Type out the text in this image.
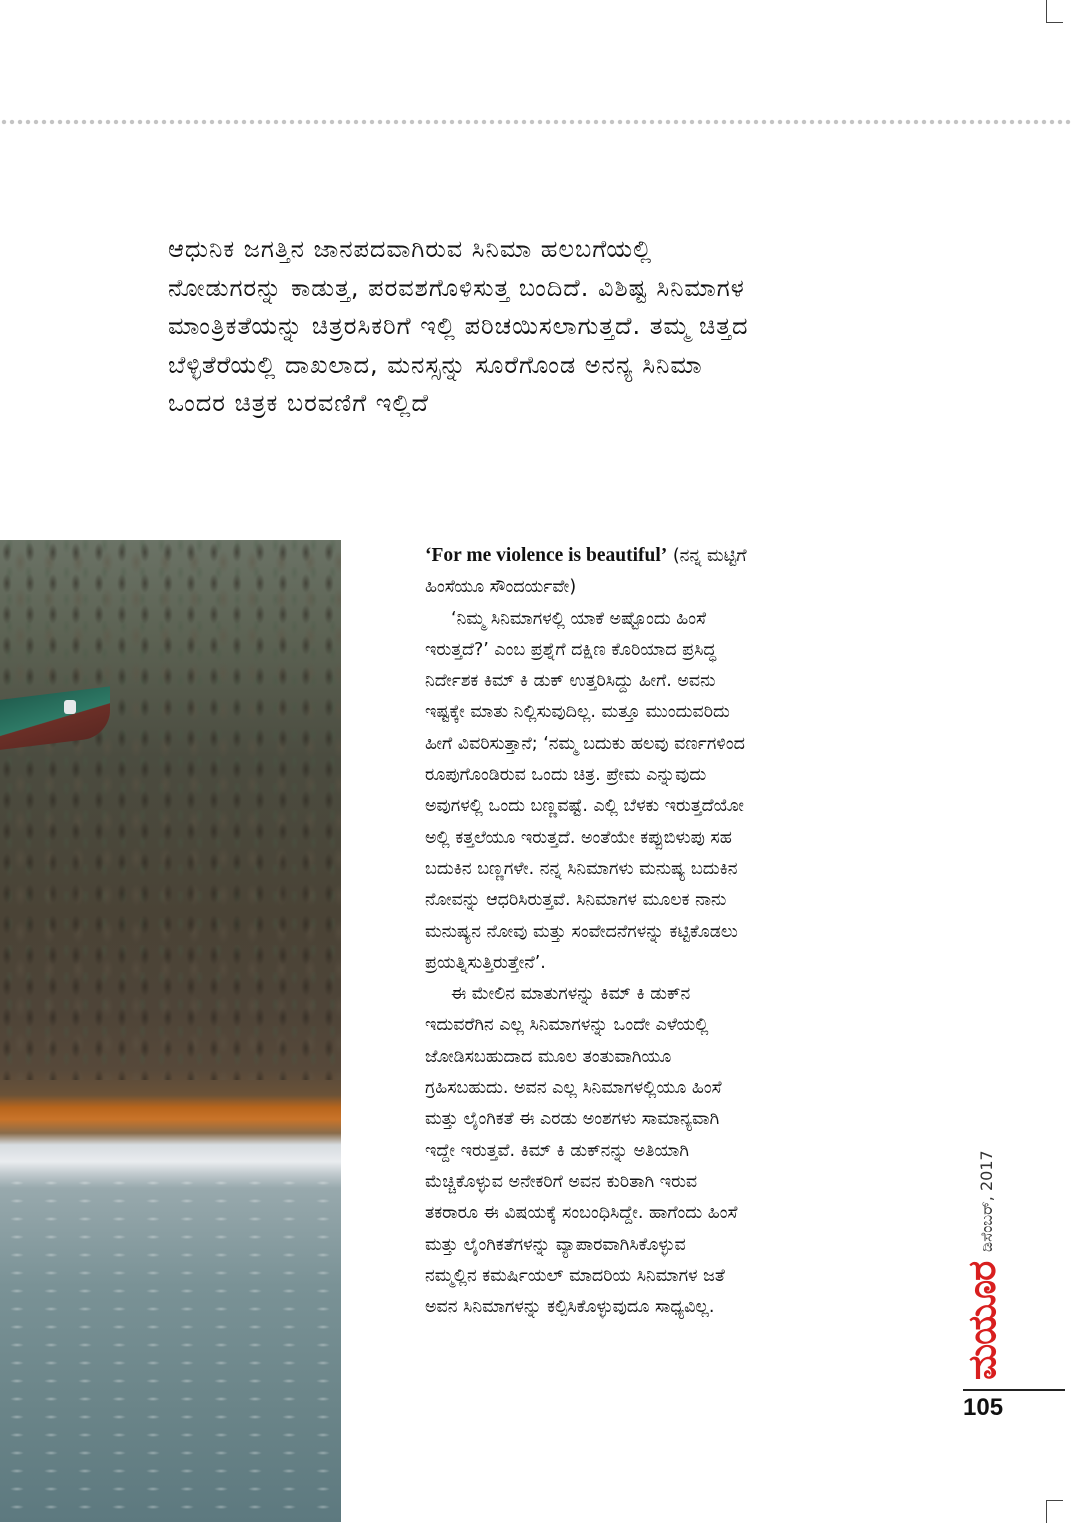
ಆಧುನಿಕ ಜಗತ್ತಿನ ಜಾನಪದವಾಗಿರುವ ಸಿನಿಮಾ ಹಲಬಗೆಯಲ್ಲಿ
ನೋಡುಗರನ್ನು ಕಾಡುತ್ತ, ಪರವಶಗೊಳಿಸುತ್ತ ಬಂದಿದೆ. ವಿಶಿಷ್ಟ ಸಿನಿಮಾಗಳ
ಮಾಂತ್ರಿಕತೆಯನ್ನು ಚಿತ್ರರಸಿಕರಿಗೆ ಇಲ್ಲಿ ಪರಿಚಯಿಸಲಾಗುತ್ತದೆ. ತಮ್ಮ ಚಿತ್ತದ
ಬೆಳ್ಳಿತೆರೆಯಲ್ಲಿ ದಾಖಲಾದ, ಮನಸ್ಸನ್ನು ಸೂರೆಗೊಂಡ ಅನನ್ಯ ಸಿನಿಮಾ
ಒಂದರ ಚಿತ್ರಕ ಬರವಣಿಗೆ ಇಲ್ಲಿದೆ
‘For me violence is beautiful’ (ನನ್ನ ಮಟ್ಟಿಗೆ
ಹಿಂಸೆಯೂ ಸೌಂದರ್ಯವೇ)
‘ನಿಮ್ಮ ಸಿನಿಮಾಗಳಲ್ಲಿ ಯಾಕೆ ಅಷ್ಟೊಂದು ಹಿಂಸೆ
ಇರುತ್ತದೆ?’ ಎಂಬ ಪ್ರಶ್ನೆಗೆ ದಕ್ಷಿಣ ಕೊರಿಯಾದ ಪ್ರಸಿದ್ಧ
ನಿರ್ದೇಶಕ ಕಿಮ್ ಕಿ ಡುಕ್ ಉತ್ತರಿಸಿದ್ದು ಹೀಗೆ. ಅವನು
ಇಷ್ಟಕ್ಕೇ ಮಾತು ನಿಲ್ಲಿಸುವುದಿಲ್ಲ. ಮತ್ತೂ ಮುಂದುವರಿದು
ಹೀಗೆ ವಿವರಿಸುತ್ತಾನೆ; ‘ನಮ್ಮ ಬದುಕು ಹಲವು ವರ್ಣಗಳಿಂದ
ರೂಪುಗೊಂಡಿರುವ ಒಂದು ಚಿತ್ರ. ಪ್ರೇಮ ಎನ್ನುವುದು
ಅವುಗಳಲ್ಲಿ ಒಂದು ಬಣ್ಣವಷ್ಟೆ. ಎಲ್ಲಿ ಬೆಳಕು ಇರುತ್ತದೆಯೋ
ಅಲ್ಲಿ ಕತ್ತಲೆಯೂ ಇರುತ್ತದೆ. ಅಂತೆಯೇ ಕಪ್ಪುಬಿಳುಪು ಸಹ
ಬದುಕಿನ ಬಣ್ಣಗಳೇ. ನನ್ನ ಸಿನಿಮಾಗಳು ಮನುಷ್ಯ ಬದುಕಿನ
ನೋವನ್ನು ಆಧರಿಸಿರುತ್ತವೆ. ಸಿನಿಮಾಗಳ ಮೂಲಕ ನಾನು
ಮನುಷ್ಯನ ನೋವು ಮತ್ತು ಸಂವೇದನೆಗಳನ್ನು ಕಟ್ಟಿಕೊಡಲು
ಪ್ರಯತ್ನಿಸುತ್ತಿರುತ್ತೇನೆ’.
ಈ ಮೇಲಿನ ಮಾತುಗಳನ್ನು ಕಿಮ್ ಕಿ ಡುಕ್‌ನ
ಇದುವರೆಗಿನ ಎಲ್ಲ ಸಿನಿಮಾಗಳನ್ನು ಒಂದೇ ಎಳೆಯಲ್ಲಿ
ಜೋಡಿಸಬಹುದಾದ ಮೂಲ ತಂತುವಾಗಿಯೂ
ಗ್ರಹಿಸಬಹುದು. ಅವನ ಎಲ್ಲ ಸಿನಿಮಾಗಳಲ್ಲಿಯೂ ಹಿಂಸೆ
ಮತ್ತು ಲೈಂಗಿಕತೆ ಈ ಎರಡು ಅಂಶಗಳು ಸಾಮಾನ್ಯವಾಗಿ
ಇದ್ದೇ ಇರುತ್ತವೆ. ಕಿಮ್ ಕಿ ಡುಕ್‌ನನ್ನು ಅತಿಯಾಗಿ
ಮೆಚ್ಚಿಕೊಳ್ಳುವ ಅನೇಕರಿಗೆ ಅವನ ಕುರಿತಾಗಿ ಇರುವ
ತಕರಾರೂ ಈ ವಿಷಯಕ್ಕೆ ಸಂಬಂಧಿಸಿದ್ದೇ. ಹಾಗೆಂದು ಹಿಂಸೆ
ಮತ್ತು ಲೈಂಗಿಕತೆಗಳನ್ನು ವ್ಯಾಪಾರವಾಗಿಸಿಕೊಳ್ಳುವ
ನಮ್ಮಲ್ಲಿನ ಕಮರ್ಷಿಯಲ್ ಮಾದರಿಯ ಸಿನಿಮಾಗಳ ಜತೆ
ಅವನ ಸಿನಿಮಾಗಳನ್ನು ಕಲ್ಪಿಸಿಕೊಳ್ಳುವುದೂ ಸಾಧ್ಯವಿಲ್ಲ.
ಡಿಸೆಂಬರ್, 2017
ಮಯೂರ
105
